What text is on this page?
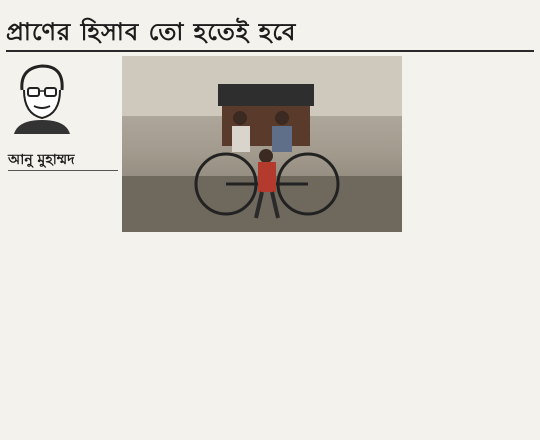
প্রাণের হিসাব তো হতেই হবে
আনু মুহাম্মদ
